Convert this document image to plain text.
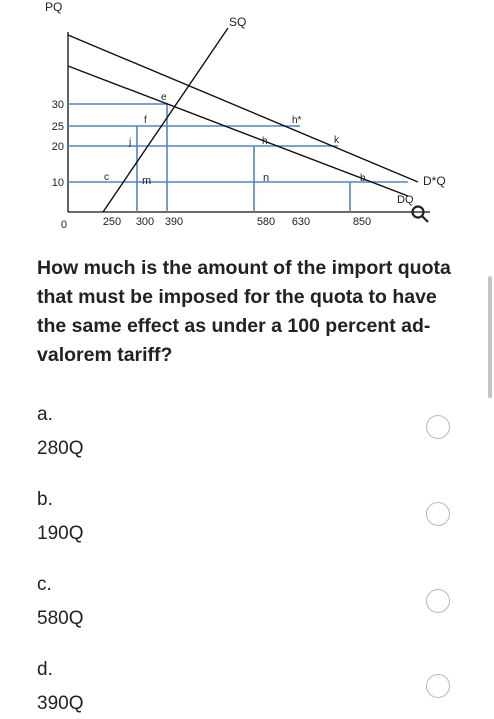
PQ
SQ
D*Q
DQ
e
f
j	h
h*
k
c	m	n	b
30
25
20
10
0	250 300 390	580 630	850
How much is the amount of the import quota that must be imposed for the quota to have the same effect as under a 100 percent ad-valorem tariff?
a.
280Q
b.
190Q
c.
580Q
d.
390Q
